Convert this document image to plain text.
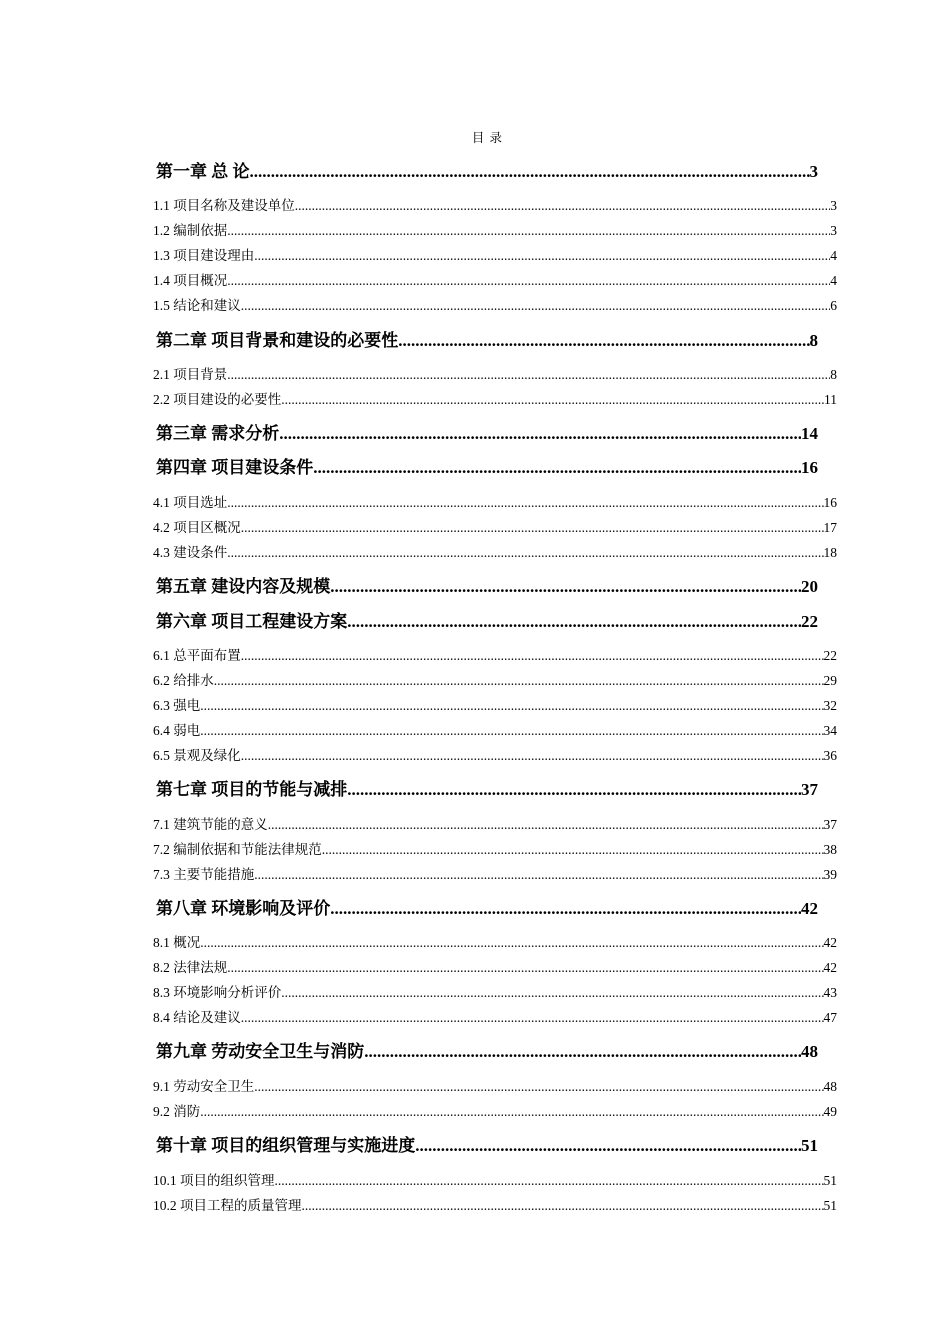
目 录
第一章 总 论 .....	3
1.1 项目名称及建设单位 .....	3
1.2 编制依据 .....	3
1.3 项目建设理由 .....	4
1.4 项目概况 .....	4
1.5 结论和建议 .....	6
第二章 项目背景和建设的必要性 .....	8
2.1 项目背景 .....	8
2.2 项目建设的必要性 .....	11
第三章 需求分析 .....	14
第四章 项目建设条件 .....	16
4.1 项目选址 .....	16
4.2 项目区概况 .....	17
4.3 建设条件 .....	18
第五章 建设内容及规模 .....	20
第六章 项目工程建设方案 .....	22
6.1 总平面布置 .....	22
6.2 给排水 .....	29
6.3 强电 .....	32
6.4 弱电 .....	34
6.5 景观及绿化 .....	36
第七章 项目的节能与减排 .....	37
7.1 建筑节能的意义 .....	37
7.2 编制依据和节能法律规范 .....	38
7.3 主要节能措施 .....	39
第八章 环境影响及评价 .....	42
8.1 概况 .....	42
8.2 法律法规 .....	42
8.3 环境影响分析评价 .....	43
8.4 结论及建议 .....	47
第九章 劳动安全卫生与消防 .....	48
9.1 劳动安全卫生 .....	48
9.2 消防 .....	49
第十章 项目的组织管理与实施进度 .....	51
10.1 项目的组织管理 .....	51
10.2 项目工程的质量管理 .....	51
